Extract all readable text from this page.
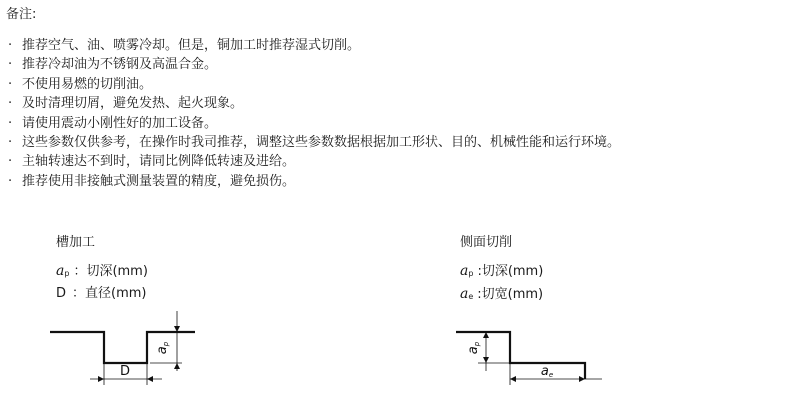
备注:
· 推荐空气、油、喷雾冷却。但是，铜加工时推荐湿式切削。
· 推荐冷却油为不锈钢及高温合金。
· 不使用易燃的切削油。
· 及时清理切屑，避免发热、起火现象。
· 请使用震动小刚性好的加工设备。
· 这些参数仅供参考，在操作时我司推荐，调整这些参数数据根据加工形状、目的、机械性能和运行环境。
· 主轴转速达不到时，请同比例降低转速及进给。
· 推荐使用非接触式测量装置的精度，避免损伤。
槽加工
ap ：切深(mm)
D ：直径(mm)
D
ap
侧面切削
ap :切深(mm)
ae :切宽(mm)
ap
ae
